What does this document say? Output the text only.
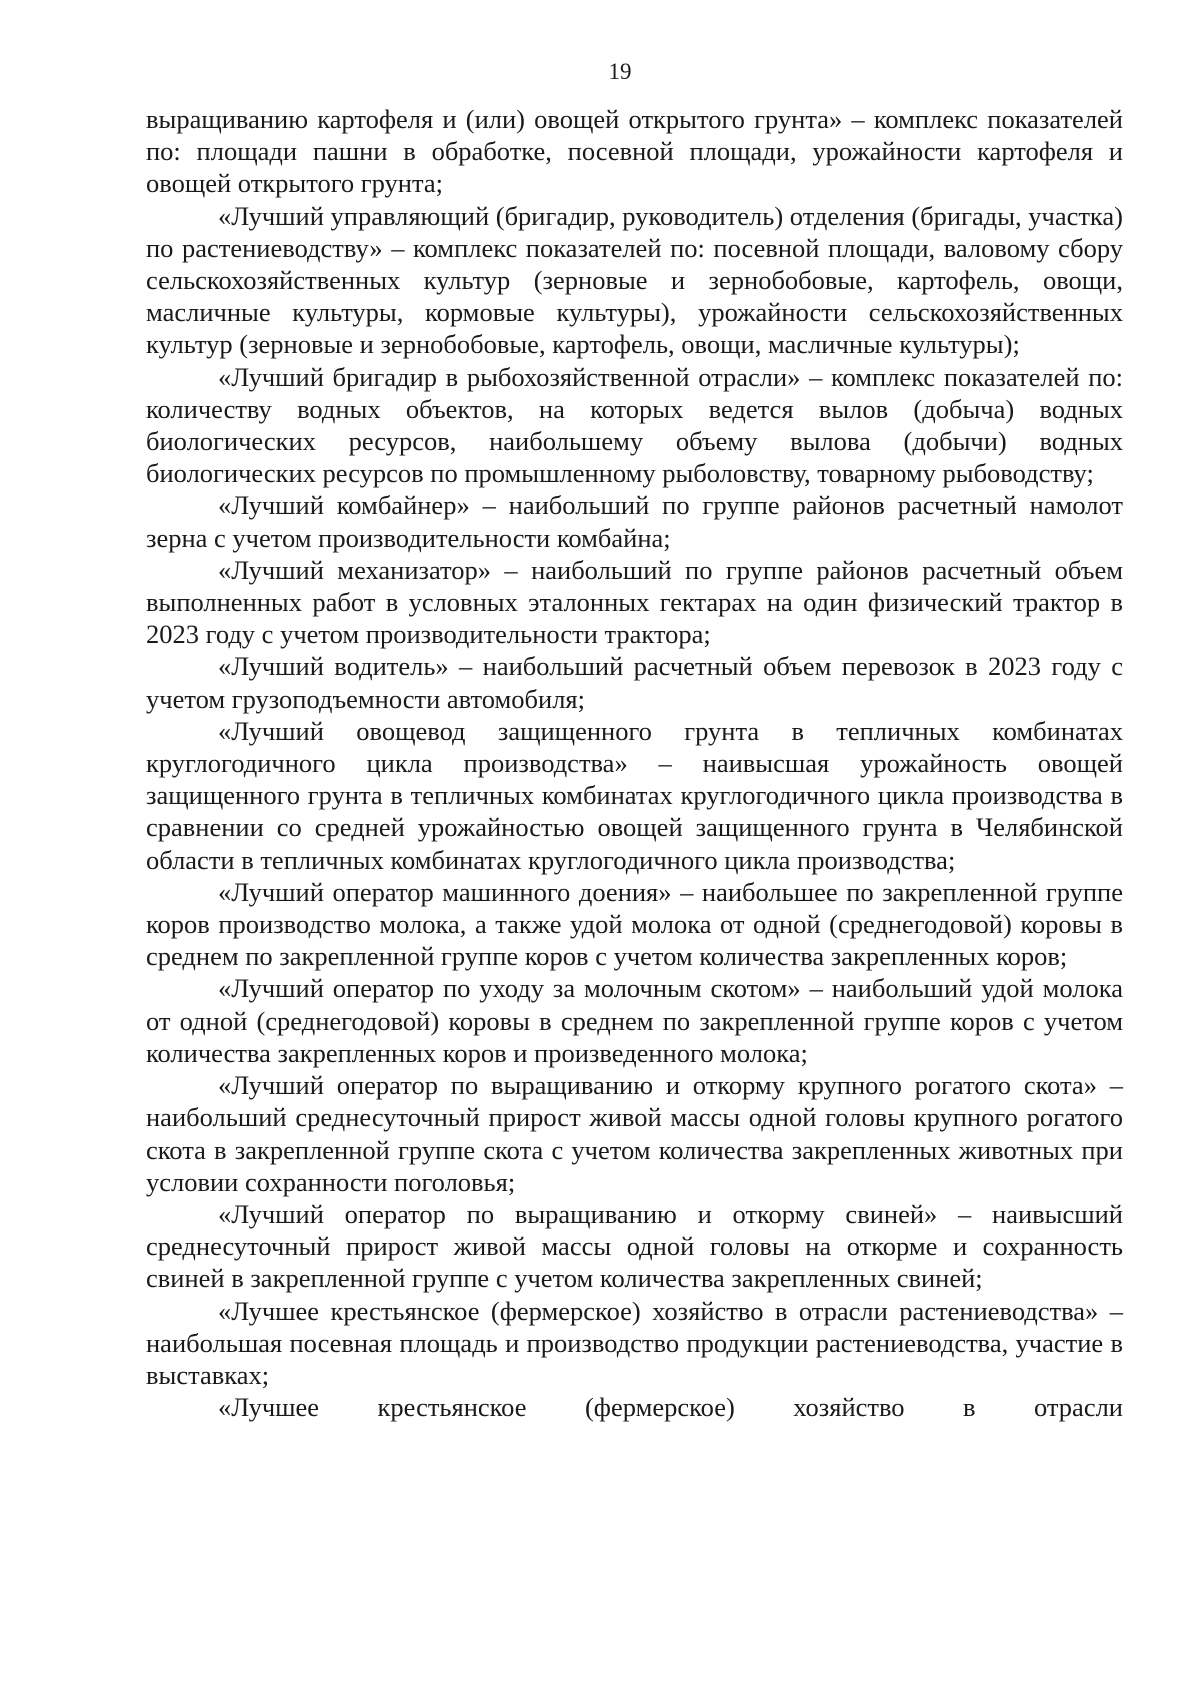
19

выращиванию картофеля и (или) овощей открытого грунта» – комплекс показателей по: площади пашни в обработке, посевной площади, урожайности картофеля и овощей открытого грунта;

«Лучший управляющий (бригадир, руководитель) отделения (бригады, участка) по растениеводству» – комплекс показателей по: посевной площади, валовому сбору сельскохозяйственных культур (зерновые и зернобобовые, картофель, овощи, масличные культуры, кормовые культуры), урожайности сельскохозяйственных культур (зерновые и зернобобовые, картофель, овощи, масличные культуры);

«Лучший бригадир в рыбохозяйственной отрасли» – комплекс показателей по: количеству водных объектов, на которых ведется вылов (добыча) водных биологических ресурсов, наибольшему объему вылова (добычи) водных биологических ресурсов по промышленному рыболовству, товарному рыбоводству;

«Лучший комбайнер» – наибольший по группе районов расчетный намолот зерна с учетом производительности комбайна;

«Лучший механизатор» – наибольший по группе районов расчетный объем выполненных работ в условных эталонных гектарах на один физический трактор в 2023 году с учетом производительности трактора;

«Лучший водитель» – наибольший расчетный объем перевозок в 2023 году с учетом грузоподъемности автомобиля;

«Лучший овощевод защищенного грунта в тепличных комбинатах круглогодичного цикла производства» – наивысшая урожайность овощей защищенного грунта в тепличных комбинатах круглогодичного цикла производства в сравнении со средней урожайностью овощей защищенного грунта в Челябинской области в тепличных комбинатах круглогодичного цикла производства;

«Лучший оператор машинного доения» – наибольшее по закрепленной группе коров производство молока, а также удой молока от одной (среднегодовой) коровы в среднем по закрепленной группе коров с учетом количества закрепленных коров;

«Лучший оператор по уходу за молочным скотом» – наибольший удой молока от одной (среднегодовой) коровы в среднем по закрепленной группе коров с учетом количества закрепленных коров и произведенного молока;

«Лучший оператор по выращиванию и откорму крупного рогатого скота» – наибольший среднесуточный прирост живой массы одной головы крупного рогатого скота в закрепленной группе скота с учетом количества закрепленных животных при условии сохранности поголовья;

«Лучший оператор по выращиванию и откорму свиней» – наивысший среднесуточный прирост живой массы одной головы на откорме и сохранность свиней в закрепленной группе с учетом количества закрепленных свиней;

«Лучшее крестьянское (фермерское) хозяйство в отрасли растениеводства» – наибольшая посевная площадь и производство продукции растениеводства, участие в выставках;

«Лучшее крестьянское (фермерское) хозяйство в отрасли
